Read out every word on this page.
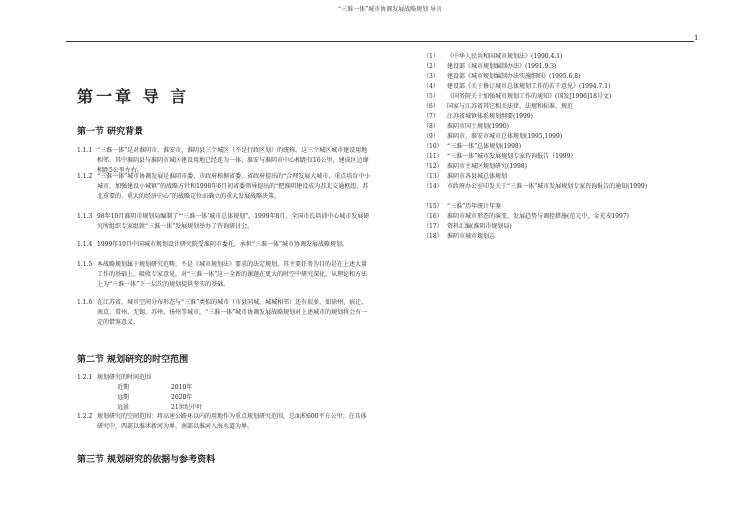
“三淮一体”城市协调发展战略规划 导言
1
第一章 导 言
第一节 研究背景
1.1.1 “三淮一体”是对淮阴市、淮安市、淮阴县三个城区（不是行政区划）的统称。这三个城区城市建设用地相邻，其中淮阴县与淮阴市城区建设用地已经连为一体；淮安与淮阴市中心相距仅16公里，建成区边缘相距5公里左右。
1.1.2 “三淮一体”城市协调发展是淮阴市委、市政府根据省委、省政府提出的“合理发展大城市，重点培育中小城市，加强建设小城镇”的战略方针和1998年6月初省委领导提出的“把淮阴建设成为苏北交通枢纽、苏北重要的、重大的经济中心”的战略定位而确立的重大发展战略决策。
1.1.3 98年10月淮阴市规划局编制了“‘三淮一体’城市总体规划”，1999年8月，全国市长培训中心城市发展研究所组织专家组就“三淮一体”发展规划举办了咨询研讨会。
1.1.4 1999年10月中国城市规划设计研究院受淮阴市委托，承担“三淮一体”城市协调发展战略规划。
1.1.5 本战略规划属于规划研究范畴，不是《城市规划法》要求的法定规划，其主要任务为目的是在上述大量工作的基础上，吸收专家意见，对“三淮一体”这一全新的课题在更大的时空中研究深化，从理论和方法上为“三淮一体”下一层次的规划提供坚实的基础。
1.1.6 在江苏省，城市空间分布形态与“三淮”类似的城市（市县同城、城城相邻）还有很多，如徐州、宿迁、南京、常州、无锡、苏州、扬州等城市，“三淮一体”城市协调发展战略规划对上述城市的规划将会有一定的借鉴意义。
第二节 规划研究的时空范围
1.2.1 规划研究的时间范围
近期	2010年
远期	2020年
远景	21世纪中叶
1.2.2 规划研究的空间范围：将高速公路环以内的用地作为重点规划研究范围，总面积600平方公里；在具体研究中，西部以淮沭新河为界，南部以淮河入海水道为界。
第三节 规划研究的依据与参考资料
（1） 《中华人民共和国城市规划法》(1990.4.1)
（2） 建设部《城市规划编制办法》(1991.9.3)
（3） 建设部《城市规划编制办法实施细则》(1995.6.8)
（4） 建设部《关于修订城市总体规划工作的若干意见》(1994.7.1)
（5） 《国务院关于加强城市规划工作的通知》(国发[1996]18号文)
（6） 国家与江苏省其它相关法律、法规和标准、规范
（7） 江苏省城镇体系规划纲要(1999)
（8） 淮阴市国土规划(1990)
（9） 淮阴市、淮安市城市总体规划(1995,1999)
（10） “三淮一体”总体规划(1998)
（11） “三淮一体”城市发展规划专家咨询报告（1999）
（12） 淮阴市主城区规划研究(1998)
（13） 淮阴市各县城总体规划
（14） 市政府办公室印发关于“三淮一体”城市发展规划专家咨询报告的通知(1999)
（15） “三淮”历年统计年鉴
（16） 淮阴市城市形态的演变、发展趋势与调控措施(范元中、金光戎1997)
（17） 资料汇编(淮阴市规划局)
（18） 淮阴市城市规划志
